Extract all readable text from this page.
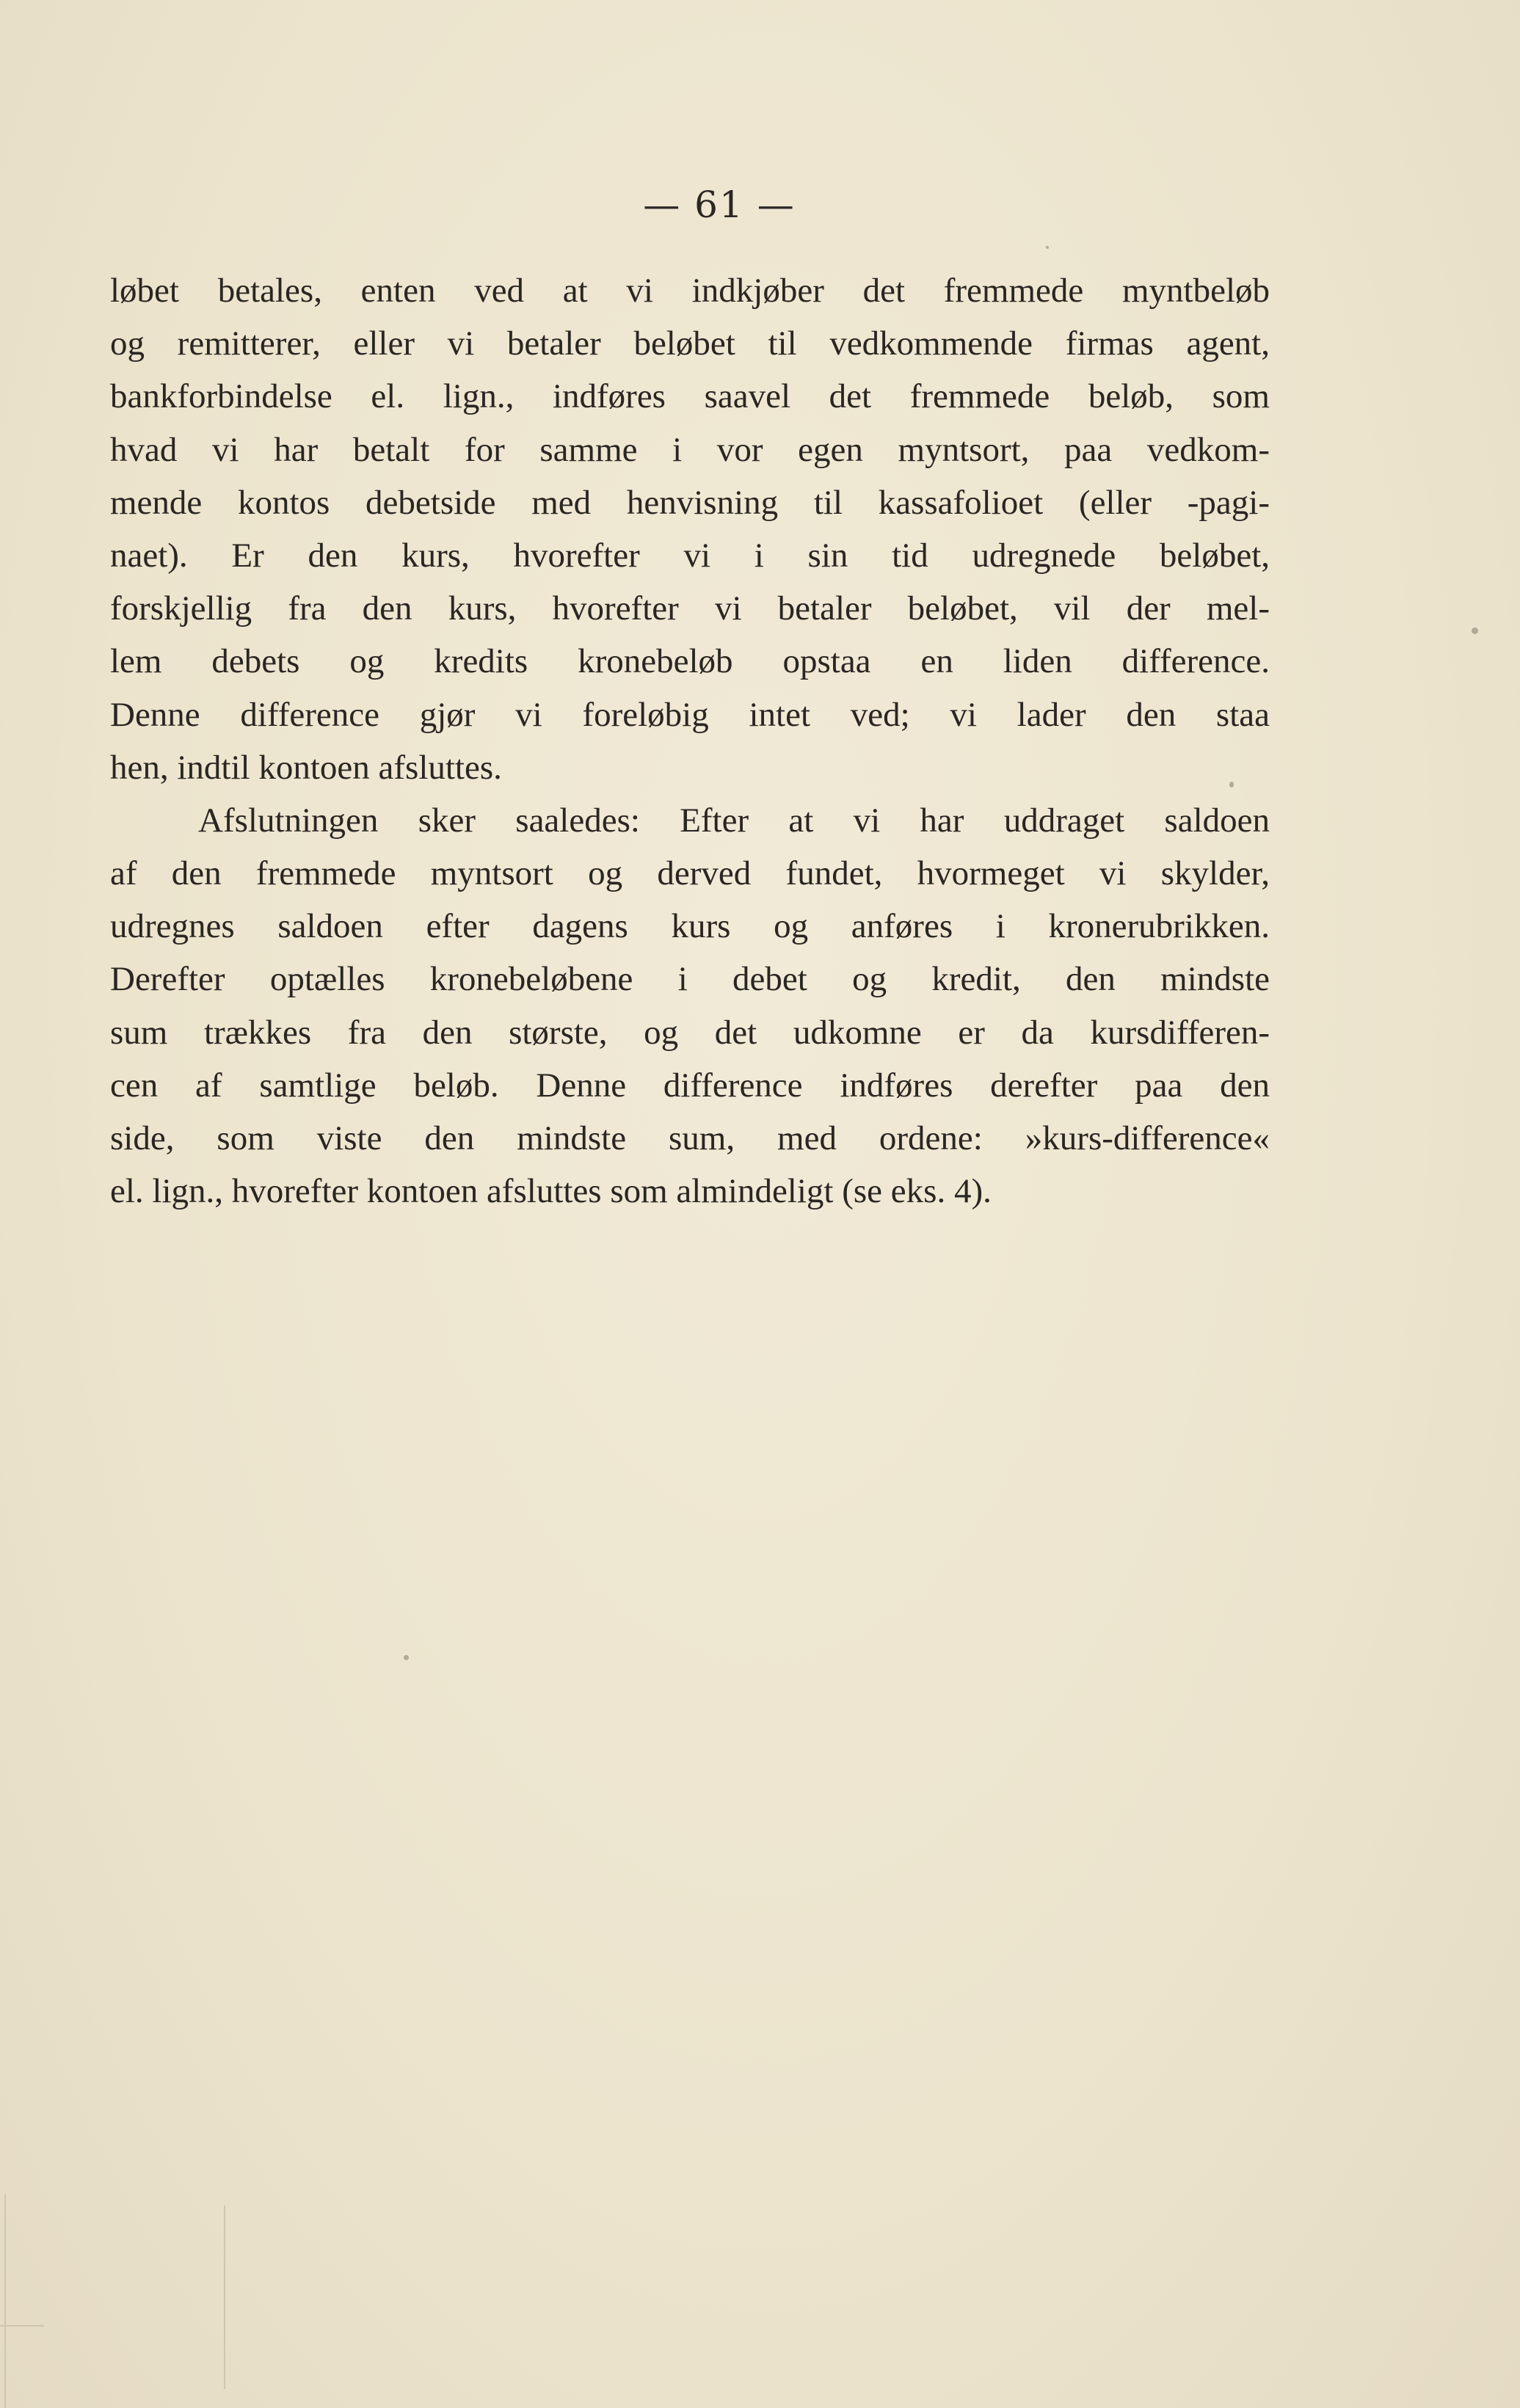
— 61 —
løbet betales, enten ved at vi indkjøber det fremmede myntbeløb
og remitterer, eller vi betaler beløbet til vedkommende firmas agent,
bankforbindelse el. lign., indføres saavel det fremmede beløb, som
hvad vi har betalt for samme i vor egen myntsort, paa vedkom-
mende kontos debetside med henvisning til kassafolioet (eller -pagi-
naet). Er den kurs, hvorefter vi i sin tid udregnede beløbet,
forskjellig fra den kurs, hvorefter vi betaler beløbet, vil der mel-
lem debets og kredits kronebeløb opstaa en liden difference.
Denne difference gjør vi foreløbig intet ved; vi lader den staa
hen, indtil kontoen afsluttes.
Afslutningen sker saaledes: Efter at vi har uddraget saldoen
af den fremmede myntsort og derved fundet, hvormeget vi skylder,
udregnes saldoen efter dagens kurs og anføres i kronerubrikken.
Derefter optælles kronebeløbene i debet og kredit, den mindste
sum trækkes fra den største, og det udkomne er da kursdifferen-
cen af samtlige beløb. Denne difference indføres derefter paa den
side, som viste den mindste sum, med ordene: »kurs-difference«
el. lign., hvorefter kontoen afsluttes som almindeligt (se eks. 4).
